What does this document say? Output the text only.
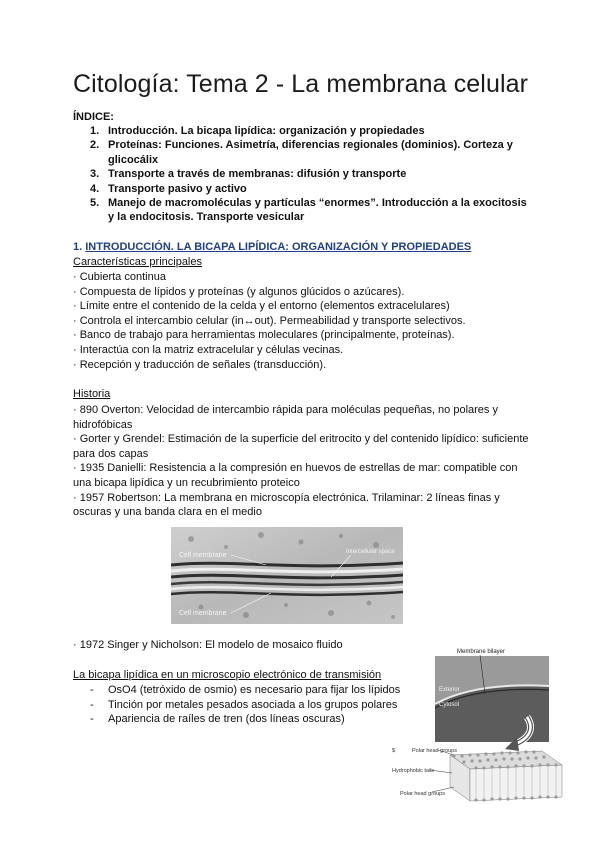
Citología: Tema 2 - La membrana celular
ÍNDICE:
1. Introducción. La bicapa lipídica: organización y propiedades
2. Proteínas: Funciones. Asimetría, diferencias regionales (dominios). Corteza y glicocálix
3. Transporte a través de membranas: difusión y transporte
4. Transporte pasivo y activo
5. Manejo de macromoléculas y partículas “enormes”. Introducción a la exocitosis y la endocitosis. Transporte vesicular
1. INTRODUCCIÓN. LA BICAPA LIPÍDICA: ORGANIZACIÓN Y PROPIEDADES
Características principales
· Cubierta continua
· Compuesta de lípidos y proteínas (y algunos glúcidos o azúcares).
· Límite entre el contenido de la celda y el entorno (elementos extracelulares)
· Controla el intercambio celular (in↔out). Permeabilidad y transporte selectivos.
· Banco de trabajo para herramientas moleculares (principalmente, proteínas).
· Interactúa con la matriz extracelular y células vecinas.
· Recepción y traducción de señales (transducción).
Historia
· 890 Overton: Velocidad de intercambio rápida para moléculas pequeñas, no polares y hidrofóbicas
· Gorter y Grendel: Estimación de la superficie del eritrocito y del contenido lipídico: suficiente para dos capas
· 1935 Danielli: Resistencia a la compresión en huevos de estrellas de mar: compatible con una bicapa lipídica y un recubrimiento proteico
· 1957 Robertson: La membrana en microscopía electrónica. Trilaminar: 2 líneas finas y oscuras y una banda clara en el medio
Cell membrane
Cell membrane
Intercellular space
· 1972 Singer y Nicholson: El modelo de mosaico fluido
La bicapa lipídica en un microscopio electrónico de transmisión
- OsO4 (tetróxido de osmio) es necesario para fijar los lípidos
- Tinción por metales pesados asociada a los grupos polares
- Apariencia de raíles de tren (dos líneas oscuras)
Membrane bilayer
Exterior
Cytosol
$	Polar head groups
Hydrophobic tails
Polar head groups
